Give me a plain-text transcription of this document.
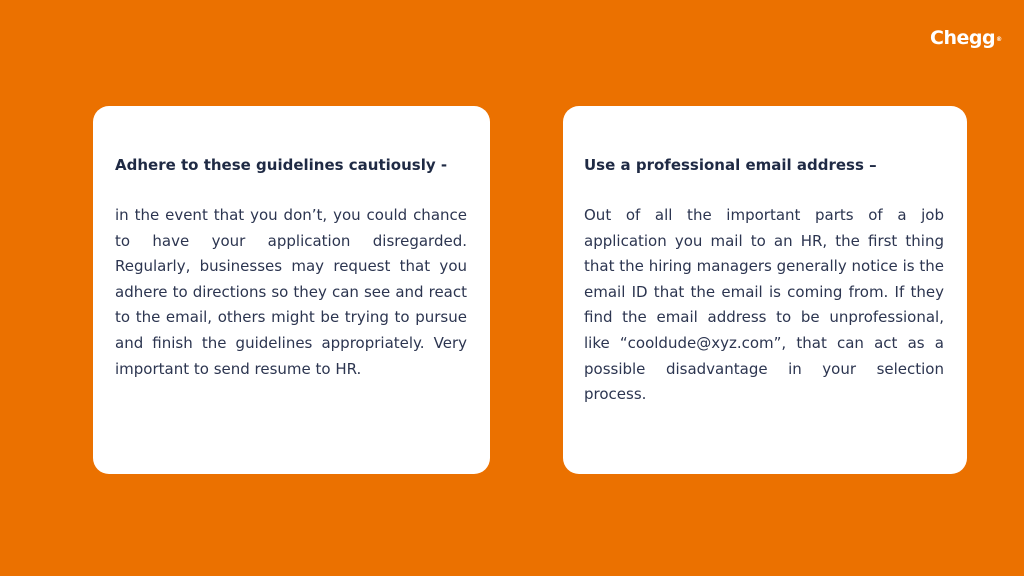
Chegg®

Adhere to these guidelines cautiously -

in the event that you don’t, you could chance to have your application disregarded. Regularly, businesses may request that you adhere to directions so they can see and react to the email, others might be trying to pursue and finish the guidelines appropriately. Very important to send resume to HR.

Use a professional email address –

Out of all the important parts of a job application you mail to an HR, the first thing that the hiring managers generally notice is the email ID that the email is coming from. If they find the email address to be unprofessional, like “cooldude@xyz.com”, that can act as a possible disadvantage in your selection process.
